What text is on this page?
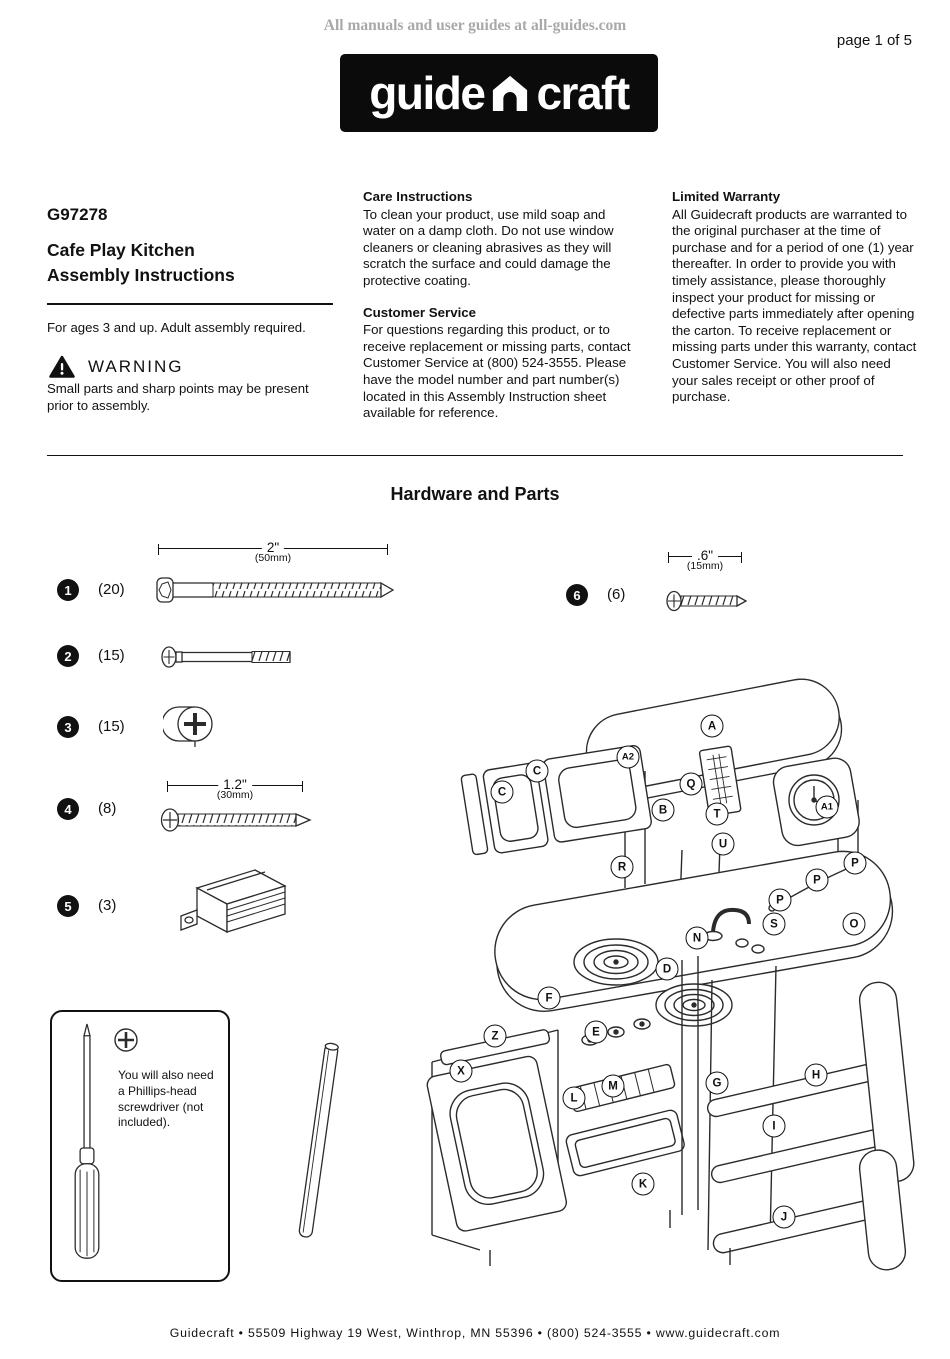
All manuals and user guides at all-guides.com
page 1 of 5
guide craft
G97278
Cafe Play Kitchen
Assembly Instructions
For ages 3 and up. Adult assembly required.
WARNING
Small parts and sharp points may be present prior to assembly.
Care Instructions

To clean your product, use mild soap and water on a damp cloth. Do not use window cleaners or cleaning abrasives as they will scratch the surface and could damage the protective coating.

Customer Service

For questions regarding this product, or to receive replacement or missing parts, contact Customer Service at (800) 524-3555. Please have the model number and part number(s) located in this Assembly Instruction sheet available for reference.

Limited Warranty

All Guidecraft products are warranted to the original purchaser at the time of purchase and for a period of one (1) year thereafter. In order to provide you with timely assistance, please thoroughly inspect your product for missing or defective parts immediately after opening the carton. To receive replacement or missing parts under this warranty, contact Customer Service. You will also need your sales receipt or other proof of purchase.

Hardware and Parts
1	(20)
2"
(50mm)
2	(15)
3	(15)
4	(8)
1.2"
(30mm)
5	(3)
6	(6)
.6"
(15mm)
You will also need a Phillips-head screwdriver (not included).
A
A2
C
C
Q
B	T
U
A1
R	P
P
P
S	O
N
D
F
E
Z
X
M
L
G
H
I
K
J
Guidecraft • 55509 Highway 19 West, Winthrop, MN 55396 • (800) 524-3555 • www.guidecraft.com
